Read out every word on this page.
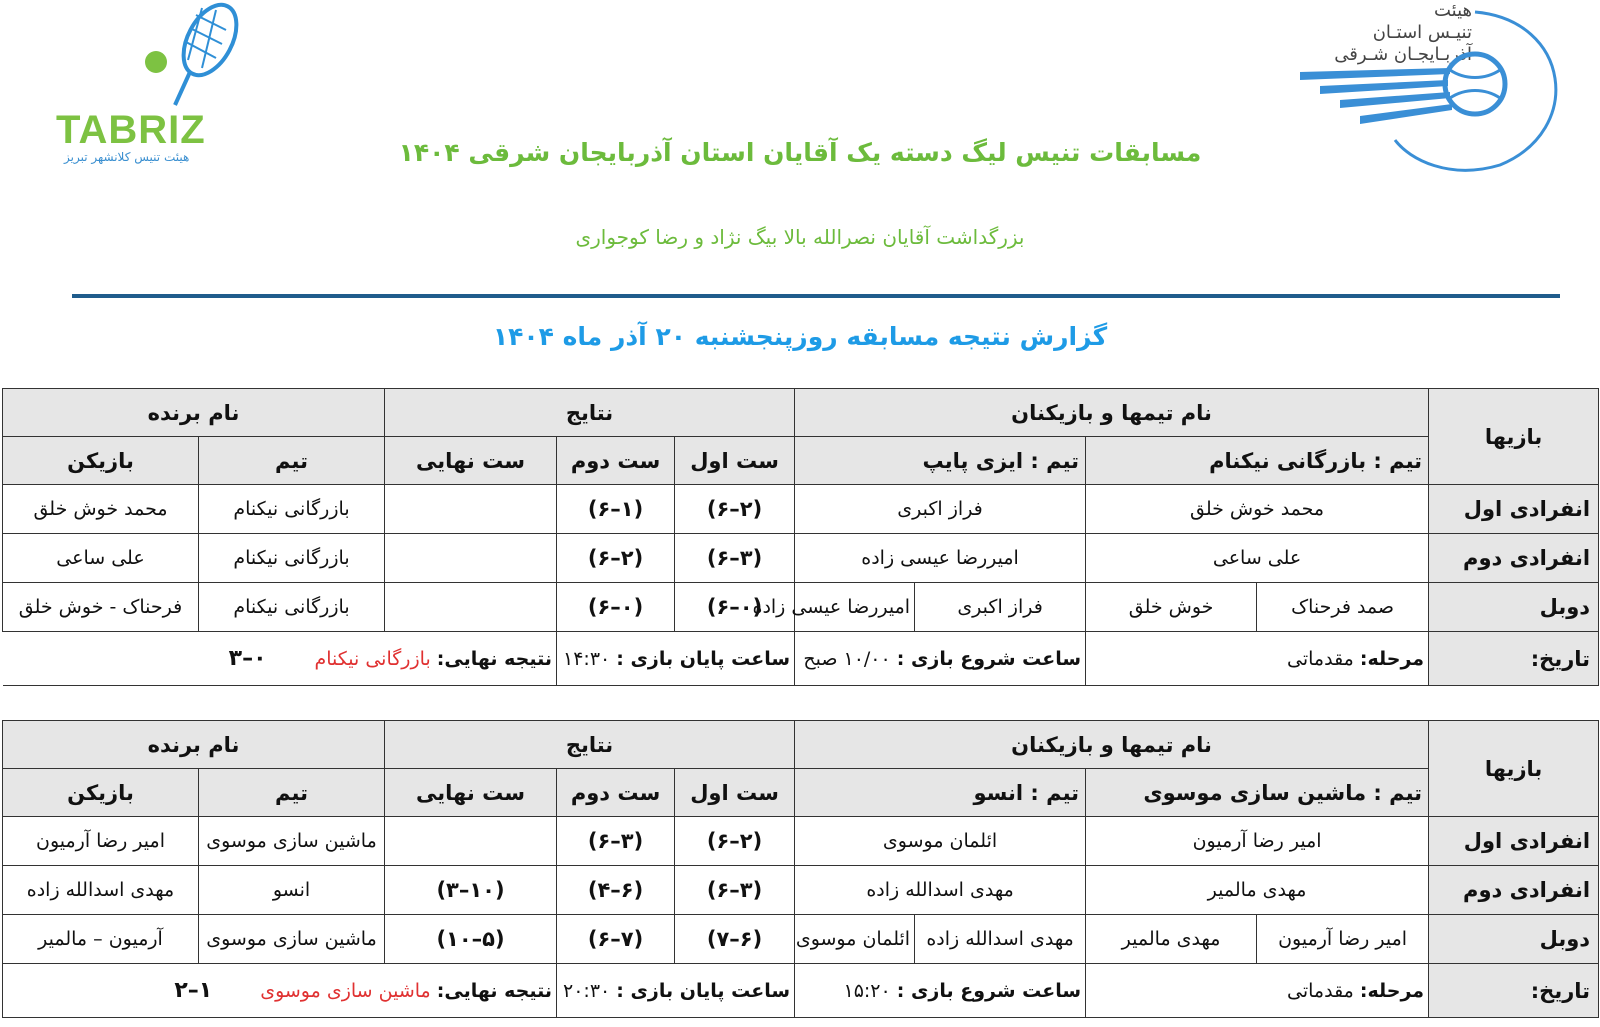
TABRIZ
هیئت تنیس کلانشهر تبریز
هیئت
تنیـس استـان
آذربـایجـان شـرقی
مسابقات تنیس لیگ دسته یک آقایان استان آذربایجان شرقی ۱۴۰۴
بزرگداشت آقایان نصرالله بالا بیگ نژاد و رضا کوجواری
گزارش نتیجه مسابقه روزپنجشنبه ۲۰ آذر ماه ۱۴۰۴
بازیها	نام تیمها و بازیکنان				نتایج			نام برنده	
	تیم : بازرگانی نیکنام		تیم : ایزی پایپ		ست اول	ست دوم	ست نهایی	تیم	بازیکن
انفرادی اول	محمد خوش خلق		فراز اکبری		(۶–۲)	(۶–۱)		بازرگانی نیکنام	محمد خوش خلق
انفرادی دوم	علی ساعی		امیررضا عیسی زاده		(۶–۳)	(۶–۲)		بازرگانی نیکنام	علی ساعی
دوبل	صمد فرحناک	خوش خلق	فراز اکبری	امیررضا عیسی زاده	(۶–۰)	(۶–۰)		بازرگانی نیکنام	فرحناک - خوش خلق
تاریخ:	مرحله: مقدماتی		ساعت شروع بازی : ۱۰/۰۰ صبح		ساعت پایان بازی : ۱۴:۳۰		نتیجه نهایی: بازرگانی نیکنام۳–۰		
بازیها	نام تیمها و بازیکنان				نتایج			نام برنده	
	تیم : ماشین سازی موسوی		تیم : انسو		ست اول	ست دوم	ست نهایی	تیم	بازیکن
انفرادی اول	امیر رضا آرمیون		ائلمان موسوی		(۶–۲)	(۶–۳)		ماشین سازی موسوی	امیر رضا آرمیون
انفرادی دوم	مهدی مالمیر		مهدی اسدالله زاده		(۶–۳)	(۴–۶)	(۳–۱۰)	انسو	مهدی اسدالله زاده
دوبل	امیر رضا آرمیون	مهدی مالمیر	مهدی اسدالله زاده	ائلمان موسوی	(۷–۶)	(۶–۷)	(۱۰–۵)	ماشین سازی موسوی	آرمیون – مالمیر
تاریخ:	مرحله: مقدماتی		ساعت شروع بازی : ۱۵:۲۰		ساعت پایان بازی : ۲۰:۳۰		نتیجه نهایی: ماشین سازی موسوی۲–۱		
